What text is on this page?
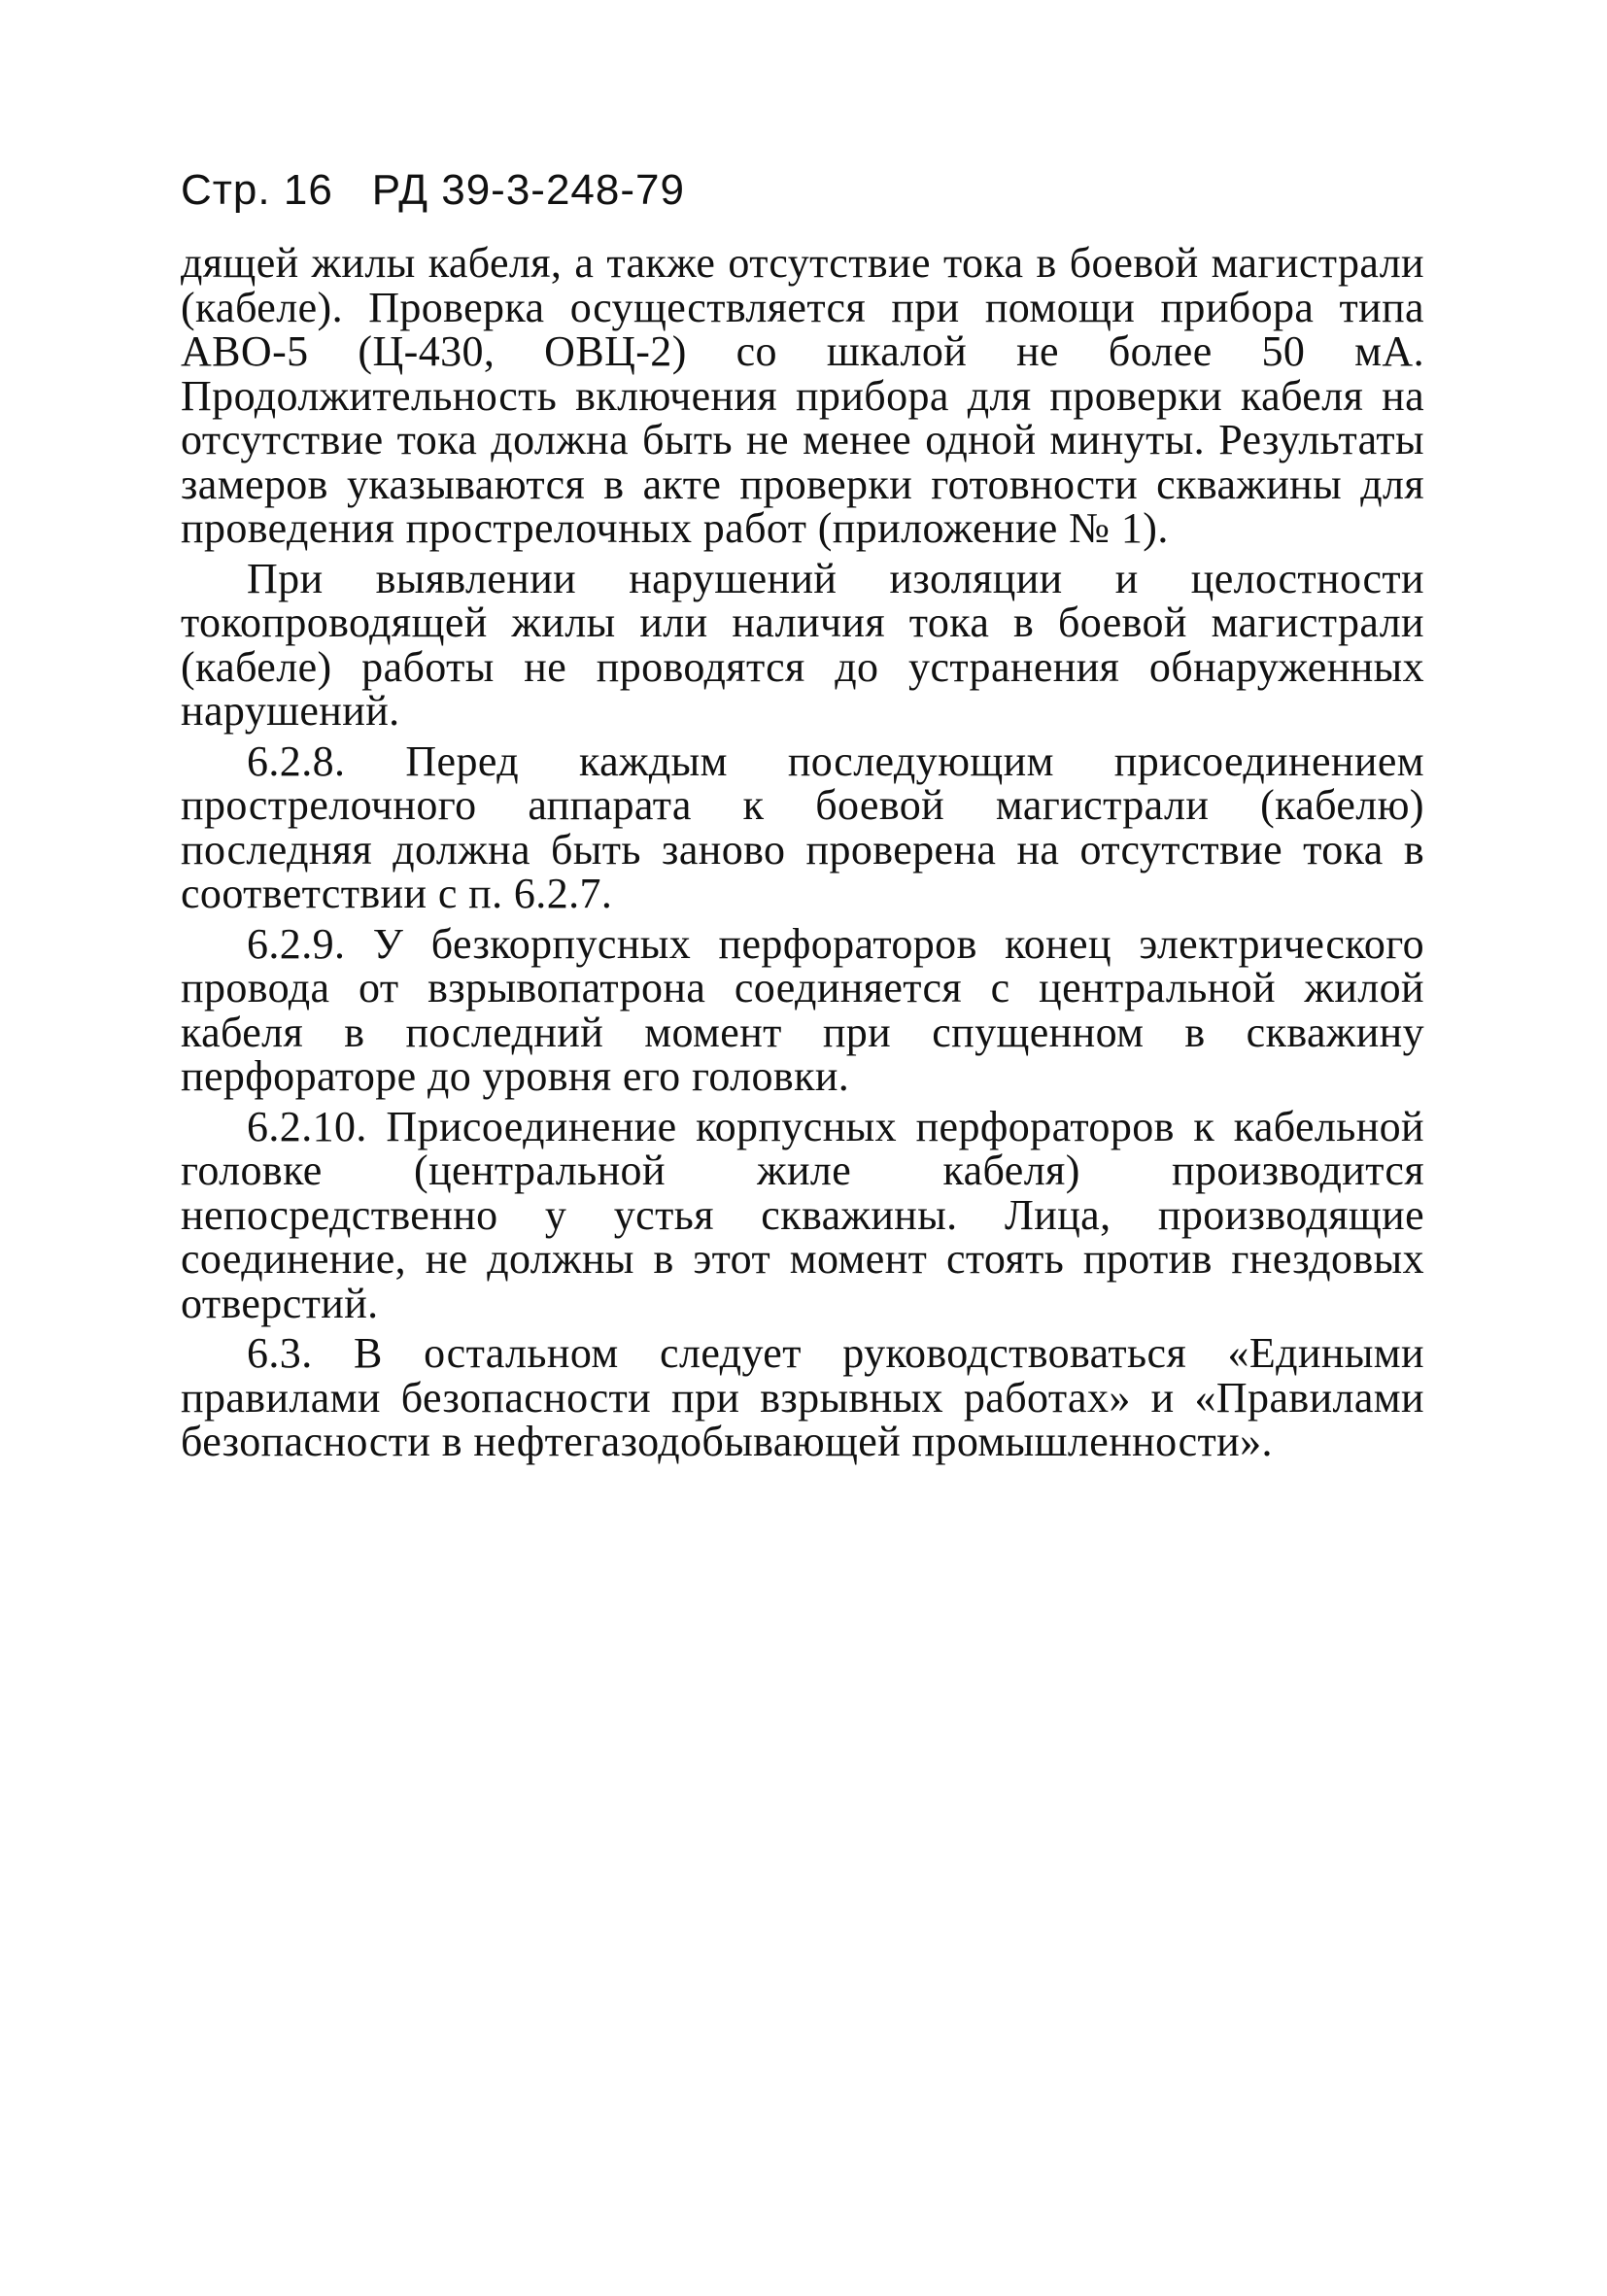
Стр. 16 РД 39-3-248-79

дящей жилы кабеля, а также отсутствие тока в боевой магистрали (кабеле). Проверка осуществляется при помощи прибора типа АВО-5 (Ц-430, ОВЦ-2) со шкалой не более 50 мА. Продолжительность включения прибора для проверки кабеля на отсутствие тока должна быть не менее одной минуты. Результаты замеров указываются в акте проверки готовности скважины для проведения прострелочных работ (приложение № 1).

При выявлении нарушений изоляции и целостности токопроводящей жилы или наличия тока в боевой магистрали (кабеле) работы не проводятся до устранения обнаруженных нарушений.

6.2.8. Перед каждым последующим присоединением прострелочного аппарата к боевой магистрали (кабелю) последняя должна быть заново проверена на отсутствие тока в соответствии с п. 6.2.7.

6.2.9. У безкорпусных перфораторов конец электрического провода от взрывопатрона соединяется с центральной жилой кабеля в последний момент при спущенном в скважину перфораторе до уровня его головки.

6.2.10. Присоединение корпусных перфораторов к кабельной головке (центральной жиле кабеля) производится непосредственно у устья скважины. Лица, производящие соединение, не должны в этот момент стоять против гнездовых отверстий.

6.3. В остальном следует руководствоваться «Едиными правилами безопасности при взрывных работах» и «Правилами безопасности в нефтегазодобывающей промышленности».
